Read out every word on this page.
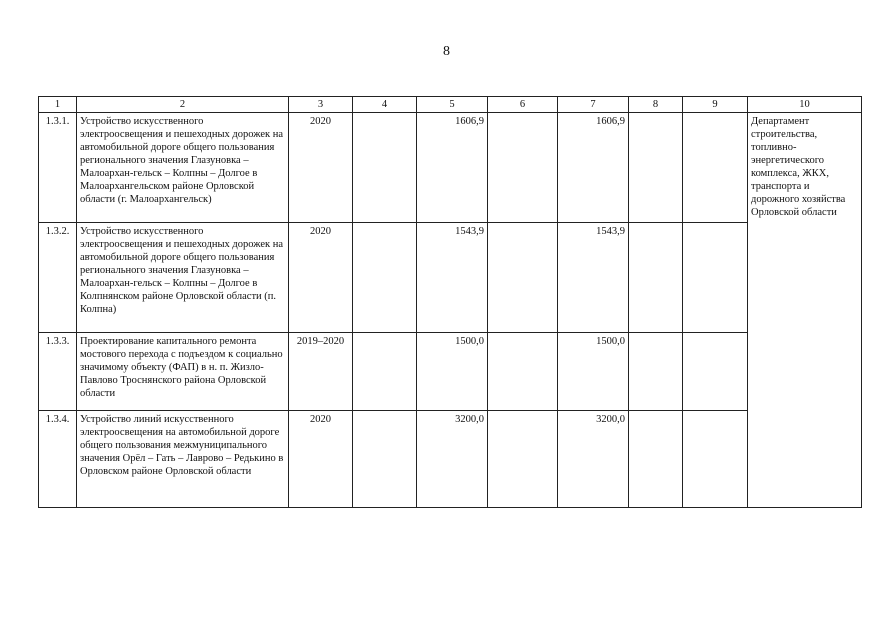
8
1	2	3	4	5	6	7	8	9	10
1.3.1.	Устройство искусственного электроосвещения и пешеходных дорожек на автомобильной дороге общего пользования регионального значения Глазуновка – Малоархан-гельск – Колпны – Долгое в Малоархангельском районе Орловской области (г. Малоархангельск)	2020		1606,9		1606,9			Департамент строительства, топливно-энергетического комплекса, ЖКХ, транспорта и дорожного хозяйства Орловской области
1.3.2.	Устройство искусственного электроосвещения и пешеходных дорожек на автомобильной дороге общего пользования регионального значения Глазуновка – Малоархан-гельск – Колпны – Долгое в Колпнянском районе Орловской области (п. Колпна)	2020		1543,9		1543,9			
1.3.3.	Проектирование капитального ремонта мостового перехода с подъездом к социально значимому объекту (ФАП) в н. п. Жизло-Павлово Троснянского района Орловской области	2019–2020		1500,0		1500,0			
1.3.4.	Устройство линий искусственного электроосвещения на автомобильной дороге общего пользования межмуниципального значения Орёл – Гать – Лаврово – Редькино в Орловском районе Орловской области	2020		3200,0		3200,0			
